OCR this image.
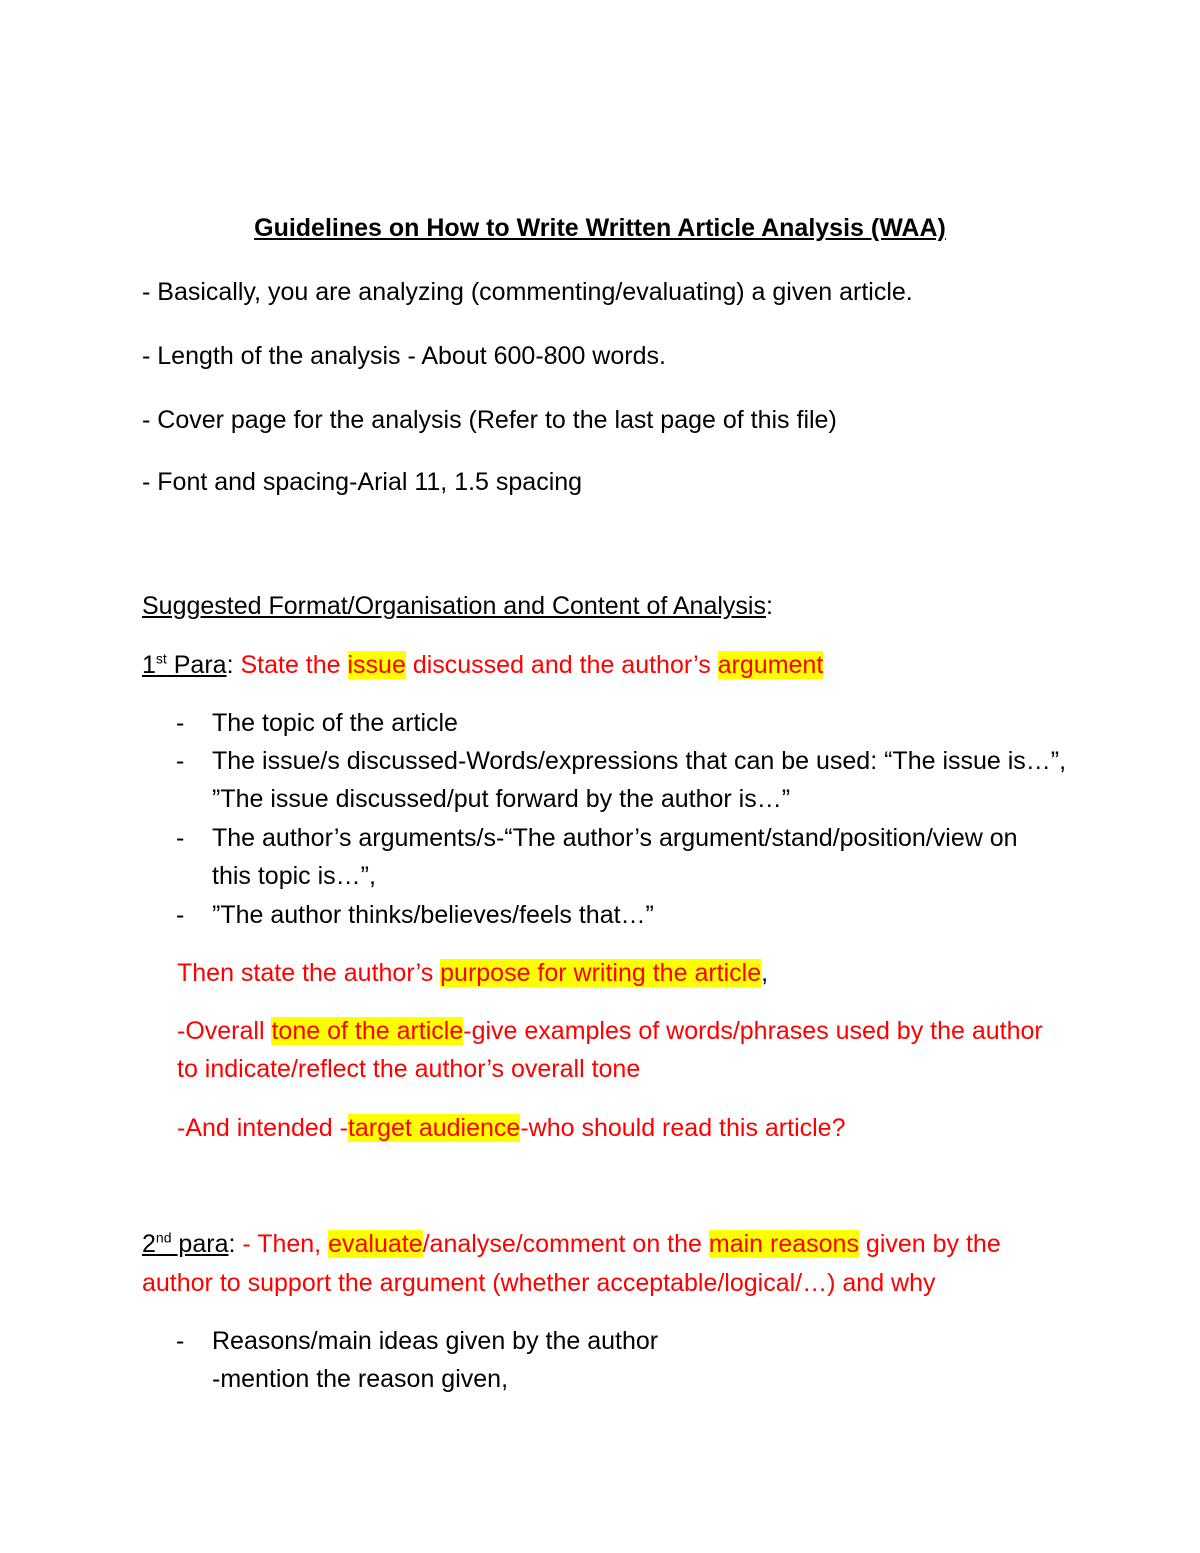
Guidelines on How to Write Written Article Analysis (WAA)
- Basically, you are analyzing (commenting/evaluating) a given article.
- Length of the analysis - About 600-800 words.
- Cover page for the analysis (Refer to the last page of this file)
- Font and spacing-Arial 11, 1.5 spacing
Suggested Format/Organisation and Content of Analysis:
1st Para: State the issue discussed and the author’s argument
- The topic of the article
- The issue/s discussed-Words/expressions that can be used: “The issue is…”,
”The issue discussed/put forward by the author is…”
- The author’s arguments/s-“The author’s argument/stand/position/view on
this topic is…”,
- ”The author thinks/believes/feels that…”
Then state the author’s purpose for writing the article,
-Overall tone of the article-give examples of words/phrases used by the author
to indicate/reflect the author’s overall tone
-And intended -target audience-who should read this article?
2nd para: - Then, evaluate/analyse/comment on the main reasons given by the
author to support the argument (whether acceptable/logical/…) and why
- Reasons/main ideas given by the author
-mention the reason given,
